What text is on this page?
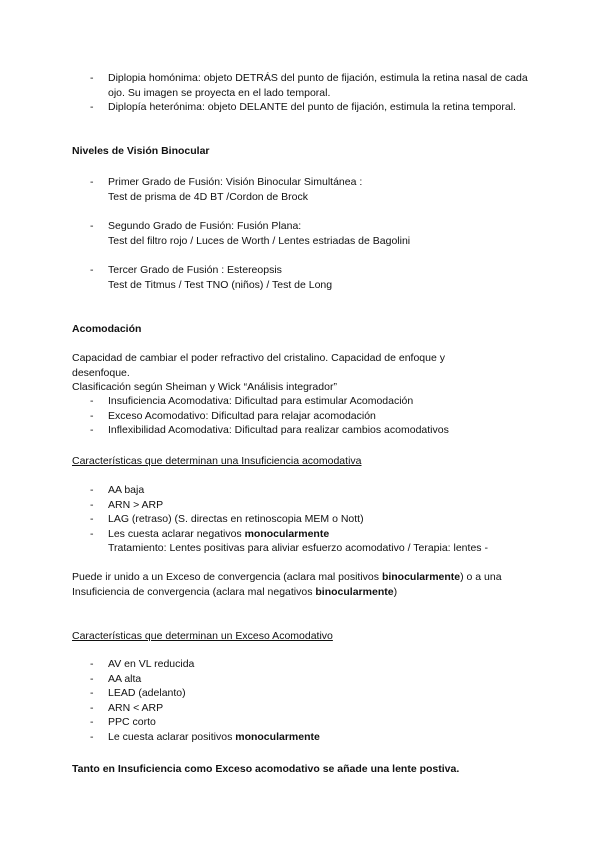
- Diplopia homónima: objeto DETRÁS del punto de fijación, estimula la retina nasal de cada ojo. Su imagen se proyecta en el lado temporal.
- Diplopía heterónima: objeto DELANTE del punto de fijación, estimula la retina temporal.
Niveles de Visión Binocular
- Primer Grado de Fusión: Visión Binocular Simultánea :
Test de prisma de 4D BT /Cordon de Brock
- Segundo Grado de Fusión: Fusión Plana:
Test del filtro rojo / Luces de Worth / Lentes estriadas de Bagolini
- Tercer Grado de Fusión : Estereopsis
Test de Titmus / Test TNO (niños) / Test de Long
Acomodación
Capacidad de cambiar el poder refractivo del cristalino. Capacidad de enfoque y desenfoque.
Clasificación según Sheiman y Wick “Análisis integrador”
- Insuficiencia Acomodativa: Dificultad para estimular Acomodación
- Exceso Acomodativo: Dificultad para relajar acomodación
- Inflexibilidad Acomodativa: Dificultad para realizar cambios acomodativos
Características que determinan una Insuficiencia acomodativa
- AA baja
- ARN > ARP
- LAG (retraso) (S. directas en retinoscopia MEM o Nott)
- Les cuesta aclarar negativos monocularmente
Tratamiento: Lentes positivas para aliviar esfuerzo acomodativo / Terapia: lentes -
Puede ir unido a un Exceso de convergencia (aclara mal positivos binocularmente) o a una Insuficiencia de convergencia (aclara mal negativos binocularmente)
Características que determinan un Exceso Acomodativo
- AV en VL reducida
- AA alta
- LEAD (adelanto)
- ARN < ARP
- PPC corto
- Le cuesta aclarar positivos monocularmente
Tanto en Insuficiencia como Exceso acomodativo se añade una lente postiva.
